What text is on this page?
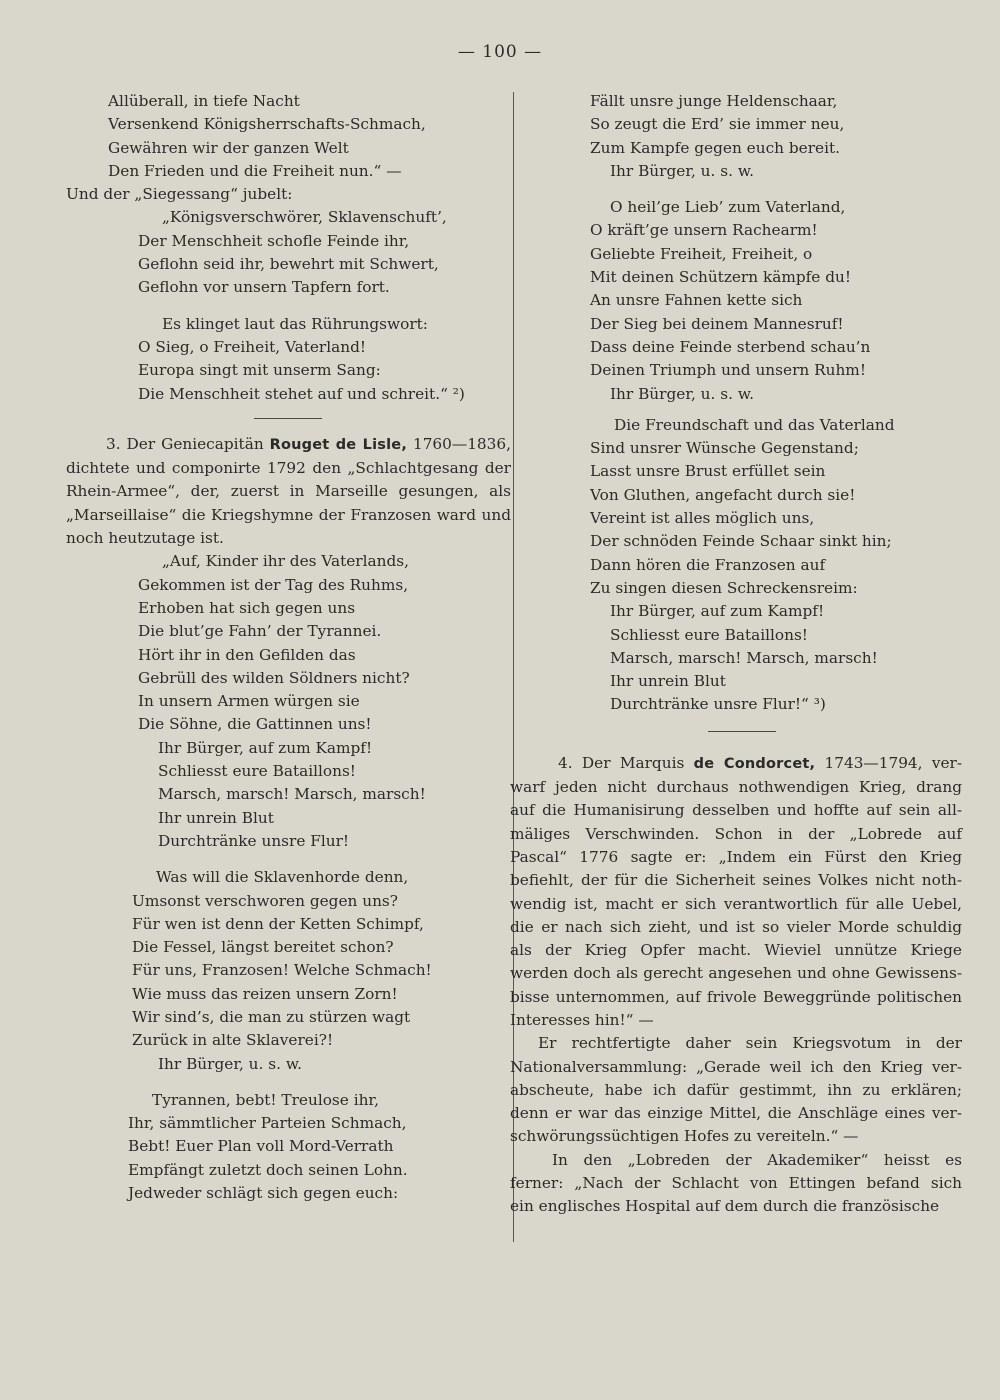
— 100 —
Allüberall, in tiefe Nacht
Versenkend Königsherrschafts-Schmach,
Gewähren wir der ganzen Welt
Den Frieden und die Freiheit nun.“ —
Und der „Siegessang“ jubelt:
„Königsverschwörer, Sklavenschuft’,
Der Menschheit schofle Feinde ihr,
Geflohn seid ihr, bewehrt mit Schwert,
Geflohn vor unsern Tapfern fort.
Es klinget laut das Rührungswort:
O Sieg, o Freiheit, Vaterland!
Europa singt mit unserm Sang:
Die Menschheit stehet auf und schreit.“ ²)
3. Der Geniecapitän Rouget de Lisle, 1760—1836,
dichtete und componirte 1792 den „Schlachtgesang der
Rhein-Armee“, der, zuerst in Marseille gesungen, als
„Marseillaise“ die Kriegshymne der Franzosen ward und
noch heutzutage ist.
„Auf, Kinder ihr des Vaterlands,
Gekommen ist der Tag des Ruhms,
Erhoben hat sich gegen uns
Die blut’ge Fahn’ der Tyrannei.
Hört ihr in den Gefilden das
Gebrüll des wilden Söldners nicht?
In unsern Armen würgen sie
Die Söhne, die Gattinnen uns!
Ihr Bürger, auf zum Kampf!
Schliesst eure Bataillons!
Marsch, marsch! Marsch, marsch!
Ihr unrein Blut
Durchtränke unsre Flur!
Was will die Sklavenhorde denn,
Umsonst verschworen gegen uns?
Für wen ist denn der Ketten Schimpf,
Die Fessel, längst bereitet schon?
Für uns, Franzosen! Welche Schmach!
Wie muss das reizen unsern Zorn!
Wir sind’s, die man zu stürzen wagt
Zurück in alte Sklaverei?!
Ihr Bürger, u. s. w.
Tyrannen, bebt! Treulose ihr,
Ihr, sämmtlicher Parteien Schmach,
Bebt! Euer Plan voll Mord-Verrath
Empfängt zuletzt doch seinen Lohn.
Jedweder schlägt sich gegen euch:
Fällt unsre junge Heldenschaar,
So zeugt die Erd’ sie immer neu,
Zum Kampfe gegen euch bereit.
Ihr Bürger, u. s. w.
O heil’ge Lieb’ zum Vaterland,
O kräft’ge unsern Rachearm!
Geliebte Freiheit, Freiheit, o
Mit deinen Schützern kämpfe du!
An unsre Fahnen kette sich
Der Sieg bei deinem Mannesruf!
Dass deine Feinde sterbend schau’n
Deinen Triumph und unsern Ruhm!
Ihr Bürger, u. s. w.
Die Freundschaft und das Vaterland
Sind unsrer Wünsche Gegenstand;
Lasst unsre Brust erfüllet sein
Von Gluthen, angefacht durch sie!
Vereint ist alles möglich uns,
Der schnöden Feinde Schaar sinkt hin;
Dann hören die Franzosen auf
Zu singen diesen Schreckensreim:
Ihr Bürger, auf zum Kampf!
Schliesst eure Bataillons!
Marsch, marsch! Marsch, marsch!
Ihr unrein Blut
Durchtränke unsre Flur!“ ³)
4. Der Marquis de Condorcet, 1743—1794, ver-
warf jeden nicht durchaus nothwendigen Krieg, drang
auf die Humanisirung desselben und hoffte auf sein all-
mäliges Verschwinden. Schon in der „Lobrede auf
Pascal“ 1776 sagte er: „Indem ein Fürst den Krieg
befiehlt, der für die Sicherheit seines Volkes nicht noth-
wendig ist, macht er sich verantwortlich für alle Uebel,
die er nach sich zieht, und ist so vieler Morde schuldig
als der Krieg Opfer macht. Wieviel unnütze Kriege
werden doch als gerecht angesehen und ohne Gewissens-
bisse unternommen, auf frivole Beweggründe politischen
Interesses hin!“ —
Er rechtfertigte daher sein Kriegsvotum in der
Nationalversammlung: „Gerade weil ich den Krieg ver-
abscheute, habe ich dafür gestimmt, ihn zu erklären;
denn er war das einzige Mittel, die Anschläge eines ver-
schwörungssüchtigen Hofes zu vereiteln.“ —
In den „Lobreden der Akademiker“ heisst es
ferner: „Nach der Schlacht von Ettingen befand sich
ein englisches Hospital auf dem durch die französische
